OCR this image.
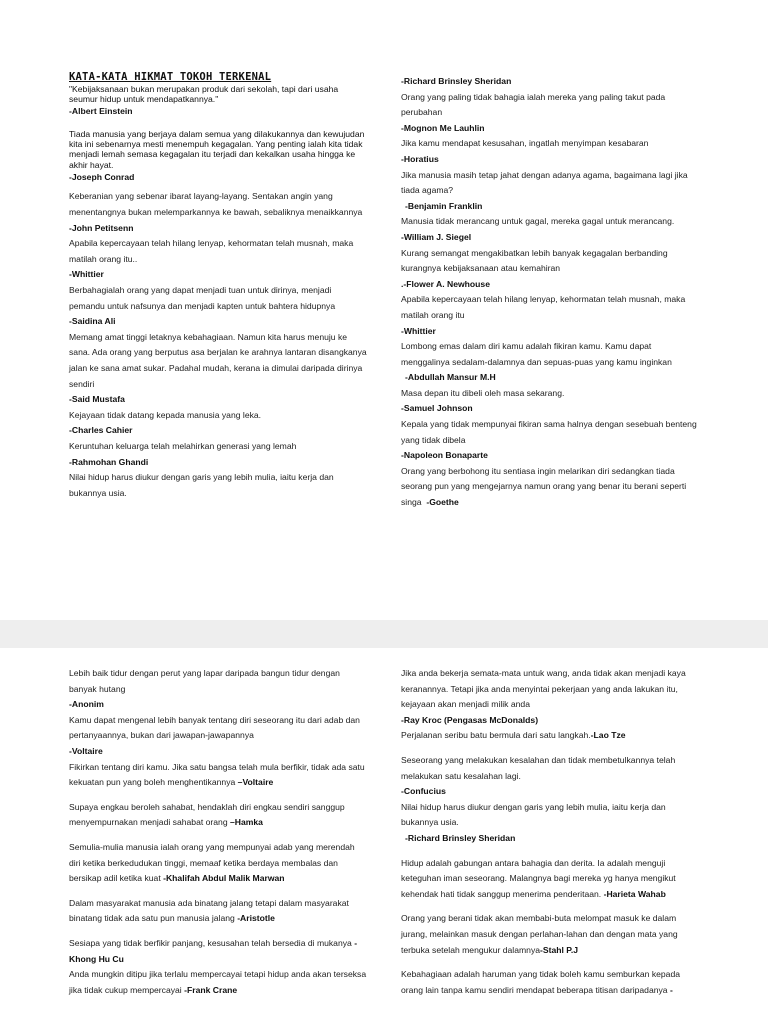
KATA-KATA HIKMAT TOKOH TERKENAL

"Kebijaksanaan bukan merupakan produk dari sekolah, tapi dari usaha seumur hidup untuk mendapatkannya."

-Albert Einstein

Tiada manusia yang berjaya dalam semua yang dilakukannya dan kewujudan kita ini sebenarnya mesti menempuh kegagalan. Yang penting ialah kita tidak menjadi lemah semasa kegagalan itu terjadi dan kekalkan usaha hingga ke akhir hayat.

-Joseph Conrad

Keberanian yang sebenar ibarat layang-layang. Sentakan angin yang menentangnya bukan melemparkannya ke bawah, sebaliknya menaikkannya

-John Petitsenn

Apabila kepercayaan telah hilang lenyap, kehormatan telah musnah, maka matilah orang itu..

-Whittier

Berbahagialah orang yang dapat menjadi tuan untuk dirinya, menjadi pemandu untuk nafsunya dan menjadi kapten untuk bahtera hidupnya

-Saidina Ali

Memang amat tinggi letaknya kebahagiaan. Namun kita harus menuju ke sana. Ada orang yang berputus asa berjalan ke arahnya lantaran disangkanya jalan ke sana amat sukar. Padahal mudah, kerana ia dimulai daripada dirinya sendiri

-Said Mustafa

Kejayaan tidak datang kepada manusia yang leka.

-Charles Cahier

Keruntuhan keluarga telah melahirkan generasi yang lemah

-Rahmohan Ghandi

Nilai hidup harus diukur dengan garis yang lebih mulia, iaitu kerja dan bukannya usia.

-Richard Brinsley Sheridan

Orang yang paling tidak bahagia ialah mereka yang paling takut pada perubahan

-Mognon Me Lauhlin

Jika kamu mendapat kesusahan, ingatlah menyimpan kesabaran

-Horatius

Jika manusia masih tetap jahat dengan adanya agama, bagaimana lagi jika tiada agama?

-Benjamin Franklin

Manusia tidak merancang untuk gagal, mereka gagal untuk merancang.

-William J. Siegel

Kurang semangat mengakibatkan lebih banyak kegagalan berbanding kurangnya kebijaksanaan atau kemahiran

.-Flower A. Newhouse

Apabila kepercayaan telah hilang lenyap, kehormatan telah musnah, maka matilah orang itu

-Whittier

Lombong emas dalam diri kamu adalah fikiran kamu. Kamu dapat menggalinya sedalam-dalamnya dan sepuas-puas yang kamu inginkan

-Abdullah Mansur M.H

Masa depan itu dibeli oleh masa sekarang.

-Samuel Johnson

Kepala yang tidak mempunyai fikiran sama halnya dengan sesebuah benteng yang tidak dibela

-Napoleon Bonaparte

Orang yang berbohong itu sentiasa ingin melarikan diri sedangkan tiada seorang pun yang mengejarnya namun orang yang benar itu berani seperti singa -Goethe

Lebih baik tidur dengan perut yang lapar daripada bangun tidur dengan banyak hutang

-Anonim

Kamu dapat mengenal lebih banyak tentang diri seseorang itu dari adab dan pertanyaannya, bukan dari jawapan-jawapannya

-Voltaire

Fikirkan tentang diri kamu. Jika satu bangsa telah mula berfikir, tidak ada satu kekuatan pun yang boleh menghentikannya –Voltaire

Supaya engkau beroleh sahabat, hendaklah diri engkau sendiri sanggup menyempurnakan menjadi sahabat orang –Hamka

Semulia-mulia manusia ialah orang yang mempunyai adab yang merendah diri ketika berkedudukan tinggi, memaaf ketika berdaya membalas dan bersikap adil ketika kuat -Khalifah Abdul Malik Marwan

Dalam masyarakat manusia ada binatang jalang tetapi dalam masyarakat binatang tidak ada satu pun manusia jalang -Aristotle

Sesiapa yang tidak berfikir panjang, kesusahan telah bersedia di mukanya - Khong Hu Cu

Anda mungkin ditipu jika terlalu mempercayai tetapi hidup anda akan terseksa jika tidak cukup mempercayai -Frank Crane

Jika anda bekerja semata-mata untuk wang, anda tidak akan menjadi kaya keranannya. Tetapi jika anda menyintai pekerjaan yang anda lakukan itu, kejayaan akan menjadi milik anda

-Ray Kroc (Pengasas McDonalds)

Perjalanan seribu batu bermula dari satu langkah.-Lao Tze

Seseorang yang melakukan kesalahan dan tidak membetulkannya telah melakukan satu kesalahan lagi.

-Confucius

Nilai hidup harus diukur dengan garis yang lebih mulia, iaitu kerja dan bukannya usia.

-Richard Brinsley Sheridan

Hidup adalah gabungan antara bahagia dan derita. Ia adalah menguji keteguhan iman seseorang. Malangnya bagi mereka yg hanya mengikut kehendak hati tidak sanggup menerima penderitaan. -Harieta Wahab

Orang yang berani tidak akan membabi-buta melompat masuk ke dalam jurang, melainkan masuk dengan perlahan-lahan dan dengan mata yang terbuka setelah mengukur dalamnya-Stahl P.J

Kebahagiaan adalah haruman yang tidak boleh kamu semburkan kepada orang lain tanpa kamu sendiri mendapat beberapa titisan daripadanya -
